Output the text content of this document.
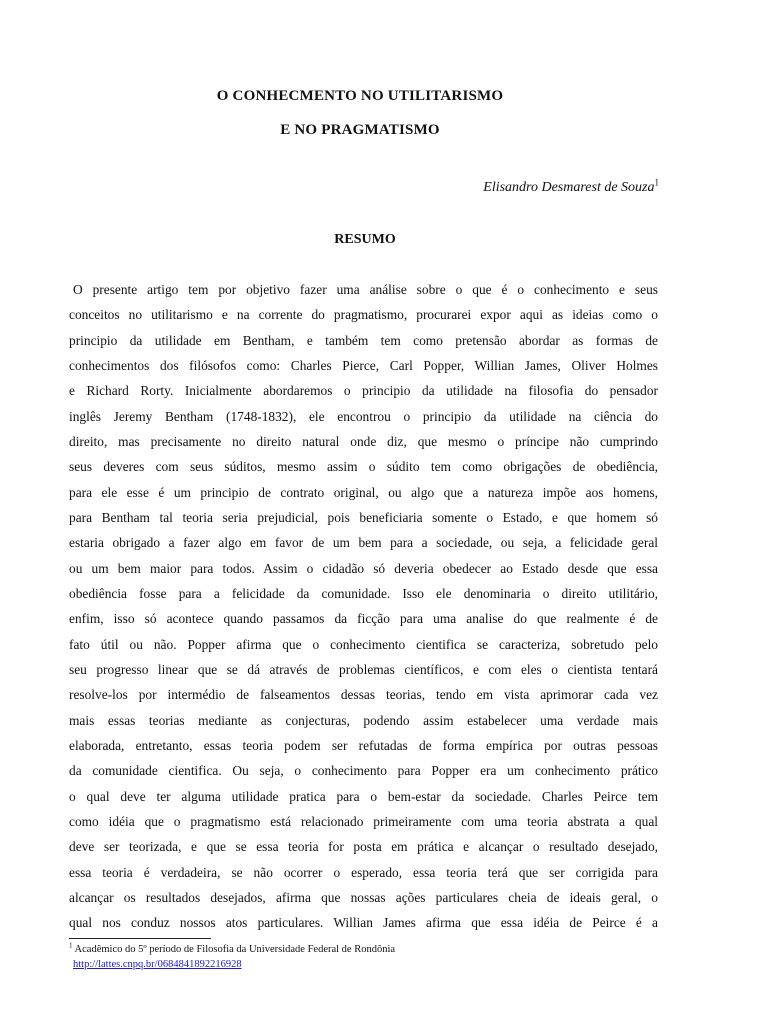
O CONHECMENTO NO UTILITARISMO
E NO PRAGMATISMO
Elisandro Desmarest de Souza$^1$
RESUMO
O presente artigo tem por objetivo fazer uma análise sobre o que é o conhecimento e seus
conceitos no utilitarismo e na corrente do pragmatismo, procurarei expor aqui as ideias como o
principio da utilidade em Bentham, e também tem como pretensão abordar as formas de
conhecimentos dos filósofos como: Charles Pierce, Carl Popper, Willian James, Oliver Holmes
e Richard Rorty. Inicialmente abordaremos o principio da utilidade na filosofia do pensador
inglês Jeremy Bentham (1748-1832), ele encontrou o principio da utilidade na ciência do
direito, mas precisamente no direito natural onde diz, que mesmo o príncipe não cumprindo
seus deveres com seus súditos, mesmo assim o súdito tem como obrigações de obediência,
para ele esse é um principio de contrato original, ou algo que a natureza impõe aos homens,
para Bentham tal teoria seria prejudicial, pois beneficiaria somente o Estado, e que homem só
estaria obrigado a fazer algo em favor de um bem para a sociedade, ou seja, a felicidade geral
ou um bem maior para todos. Assim o cidadão só deveria obedecer ao Estado desde que essa
obediência fosse para a felicidade da comunidade. Isso ele denominaria o direito utilitário,
enfim, isso só acontece quando passamos da ficção para uma analise do que realmente é de
fato útil ou não. Popper afirma que o conhecimento cientifica se caracteriza, sobretudo pelo
seu progresso linear que se dá através de problemas científicos, e com eles o cientista tentará
resolve-los por intermédio de falseamentos dessas teorias, tendo em vista aprimorar cada vez
mais essas teorias mediante as conjecturas, podendo assim estabelecer uma verdade mais
elaborada, entretanto, essas teoria podem ser refutadas de forma empírica por outras pessoas
da comunidade cientifica. Ou seja, o conhecimento para Popper era um conhecimento prático
o qual deve ter alguma utilidade pratica para o bem-estar da sociedade. Charles Peirce tem
como idéia que o pragmatismo está relacionado primeiramente com uma teoria abstrata a qual
deve ser teorizada, e que se essa teoria for posta em prática e alcançar o resultado desejado,
essa teoria é verdadeira, se não ocorrer o esperado, essa teoria terá que ser corrigida para
alcançar os resultados desejados, afirma que nossas ações particulares cheia de ideais geral, o
qual nos conduz nossos atos particulares. Willian James afirma que essa idéia de Peirce é a
$^1$ Acadêmico do 5º período de Filosofia da Universidade Federal de Rondônia
http://lattes.cnpq.br/0684841892216928
